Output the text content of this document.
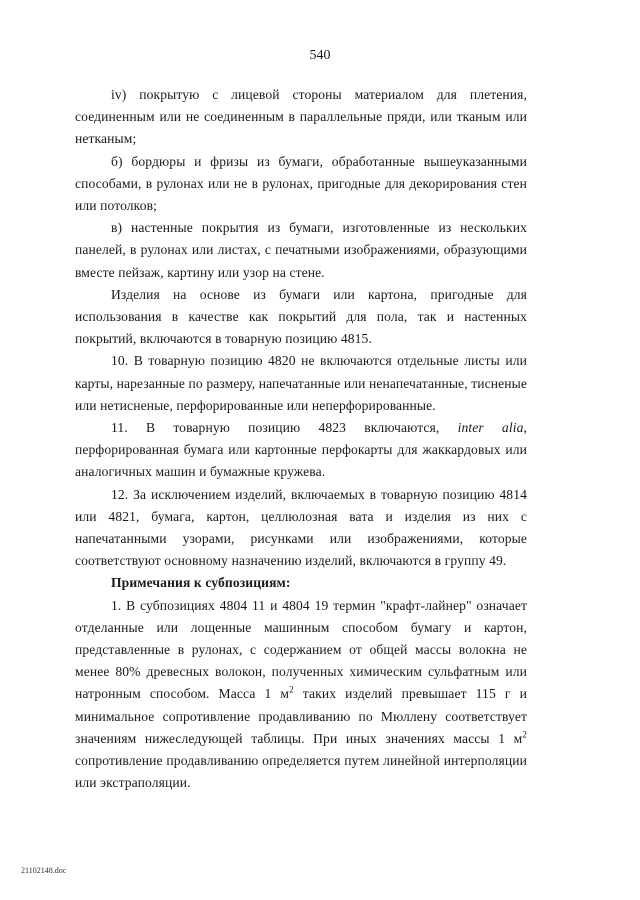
540

iv) покрытую с лицевой стороны материалом для плетения, соединенным или не соединенным в параллельные пряди, или тканым или нетканым;

б) бордюры и фризы из бумаги, обработанные вышеуказанными способами, в рулонах или не в рулонах, пригодные для декорирования стен или потолков;

в) настенные покрытия из бумаги, изготовленные из нескольких панелей, в рулонах или листах, с печатными изображениями, образующими вместе пейзаж, картину или узор на стене.

Изделия на основе из бумаги или картона, пригодные для использования в качестве как покрытий для пола, так и настенных покрытий, включаются в товарную позицию 4815.

10. В товарную позицию 4820 не включаются отдельные листы или карты, нарезанные по размеру, напечатанные или ненапечатанные, тисненые или нетисненые, перфорированные или неперфорированные.

11. В товарную позицию 4823 включаются, inter alia, перфорированная бумага или картонные перфокарты для жаккардовых или аналогичных машин и бумажные кружева.

12. За исключением изделий, включаемых в товарную позицию 4814 или 4821, бумага, картон, целлюлозная вата и изделия из них с напечатанными узорами, рисунками или изображениями, которые соответствуют основному назначению изделий, включаются в группу 49.

Примечания к субпозициям:

1. В субпозициях 4804 11 и 4804 19 термин "крафт-лайнер" означает отделанные или лощенные машинным способом бумагу и картон, представленные в рулонах, с содержанием от общей массы волокна не менее 80% древесных волокон, полученных химическим сульфатным или натронным способом. Масса 1 $м^2$ таких изделий превышает 115 г и минимальное сопротивление продавливанию по Мюллену соответствует значениям нижеследующей таблицы. При иных значениях массы 1 $м^2$ сопротивление продавливанию определяется путем линейной интерполяции или экстраполяции.

21102148.doc
